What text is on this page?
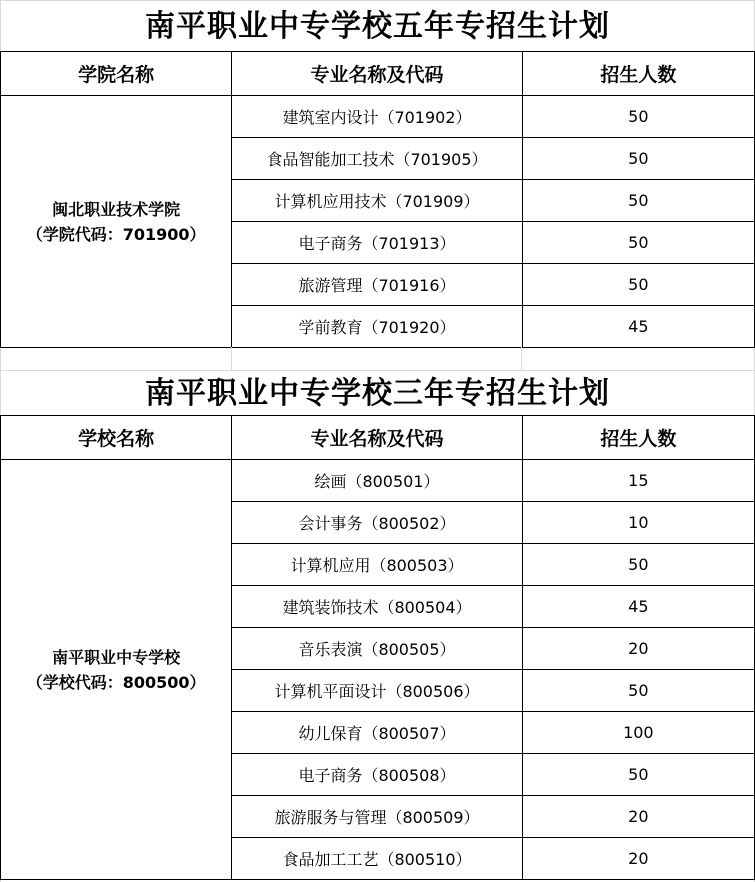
南平职业中专学校五年专招生计划
学院名称	专业名称及代码	招生人数

闽北职业技术学院
（学院代码：701900）	建筑室内设计（701902）	50
	食品智能加工技术（701905）	50
	计算机应用技术（701909）	50
	电子商务（701913）	50
	旅游管理（701916）	50
	学前教育（701920）	45
南平职业中专学校三年专招生计划
学校名称	专业名称及代码	招生人数

南平职业中专学校
（学校代码：800500）	绘画（800501）	15
	会计事务（800502）	10
	计算机应用（800503）	50
	建筑装饰技术（800504）	45
	音乐表演（800505）	20
	计算机平面设计（800506）	50
	幼儿保育（800507）	100
	电子商务（800508）	50
	旅游服务与管理（800509）	20
	食品加工工艺（800510）	20
